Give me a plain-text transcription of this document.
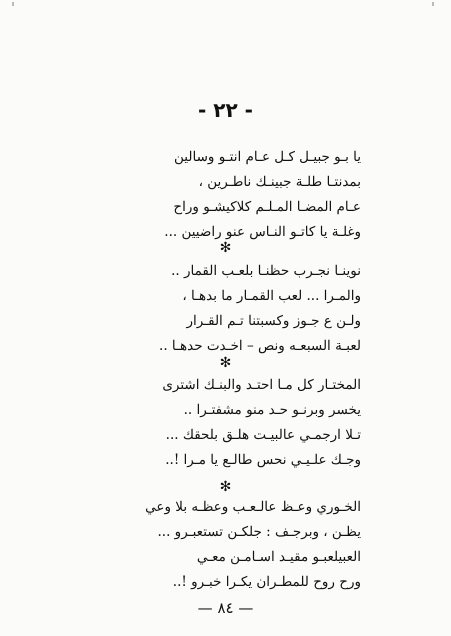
- ٢٢ -
يا بـو جبيـل كـل عـام انتـو وسالين
بمدنتـا طلـة جبينـك ناطـرين ،
عـام المضـا المـلـم كلاكيشـو وراح
وغلـة يا كاتـو النـاس عنو راضيين ...
✻
نوينـا نجـرب حظنـا بلعـب القمار ..
والمـرا ... لعب القمـار ما بدهـا ،
ولـن ع جـوز وكسبتنا تـم القـرار
لعبـة السبعـه ونص – اخـدت حدهـا ..
✻
المختـار كل مـا احتـد والبنـك اشترى
يخسر وبرنـو حـد منو مشفتـرا ..
تـلا ارجمـي عالبيـت هلـق بلحقك ...
وجـك علـيـي نحس طالـع يا مـرا !..
✻
الخـوري وعـظ عالـعـب وعظـه بلا وعي
يظـن ، وبرجـف : جلكـن تستعبـرو ...
العبيلعبـو مقيـد اسـامـن معـي
ورح روح للمطـران يكـرا خبـرو !..
— ٨٤ —
